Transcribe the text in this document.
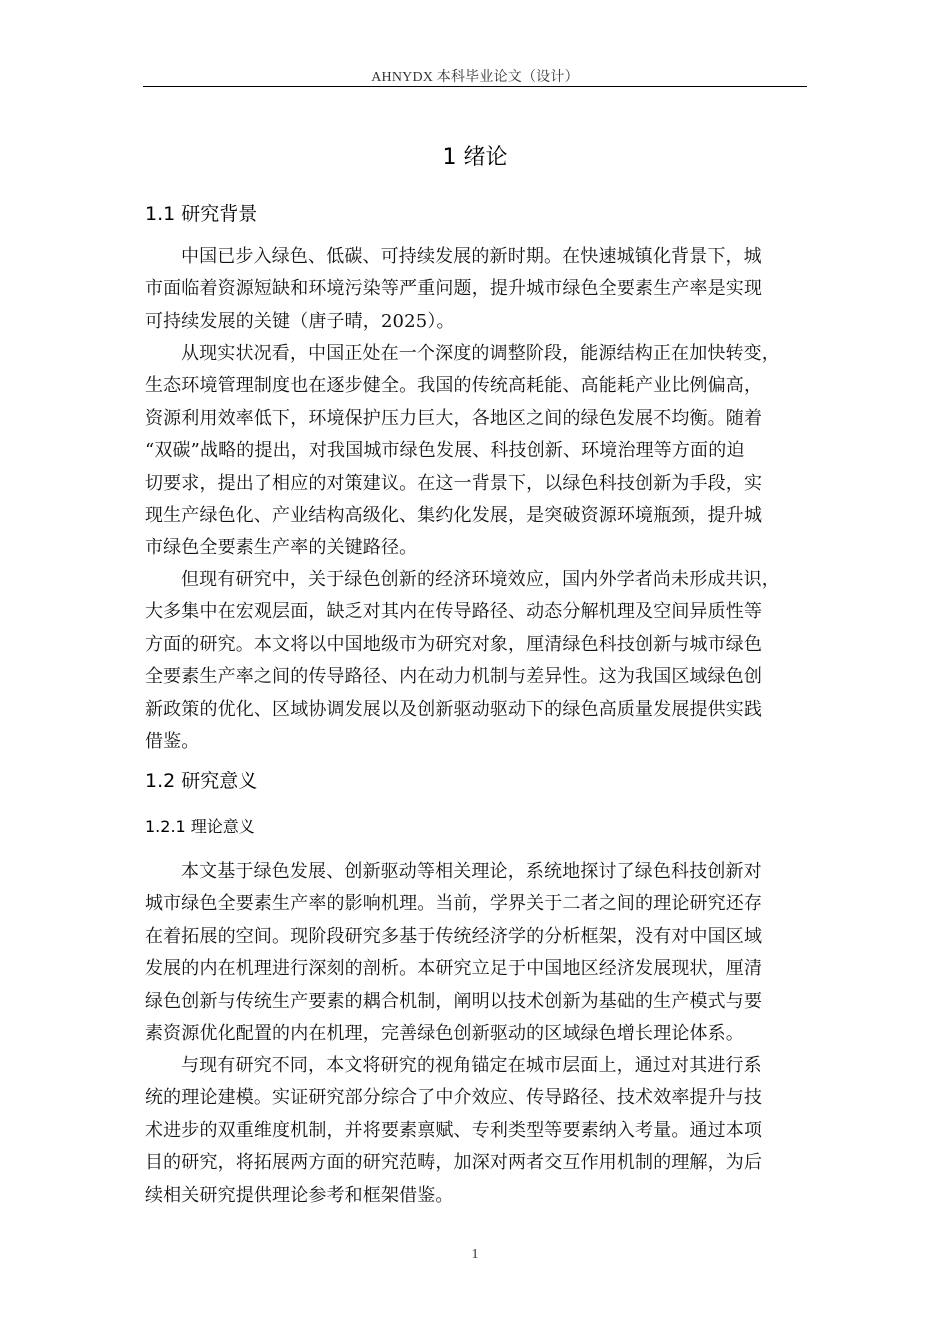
AHNYDX 本科毕业论文（设计）
1 绪论
1.1 研究背景
中国已步入绿色、低碳、可持续发展的新时期。在快速城镇化背景下，城
市面临着资源短缺和环境污染等严重问题，提升城市绿色全要素生产率是实现
可持续发展的关键（唐子晴，2025）。
从现实状况看，中国正处在一个深度的调整阶段，能源结构正在加快转变，
生态环境管理制度也在逐步健全。我国的传统高耗能、高能耗产业比例偏高，
资源利用效率低下，环境保护压力巨大，各地区之间的绿色发展不均衡。随着
“双碳”战略的提出，对我国城市绿色发展、科技创新、环境治理等方面的迫
切要求，提出了相应的对策建议。在这一背景下，以绿色科技创新为手段，实
现生产绿色化、产业结构高级化、集约化发展，是突破资源环境瓶颈，提升城
市绿色全要素生产率的关键路径。
但现有研究中，关于绿色创新的经济环境效应，国内外学者尚未形成共识，
大多集中在宏观层面，缺乏对其内在传导路径、动态分解机理及空间异质性等
方面的研究。本文将以中国地级市为研究对象，厘清绿色科技创新与城市绿色
全要素生产率之间的传导路径、内在动力机制与差异性。这为我国区域绿色创
新政策的优化、区域协调发展以及创新驱动驱动下的绿色高质量发展提供实践
借鉴。
1.2 研究意义
1.2.1 理论意义
本文基于绿色发展、创新驱动等相关理论，系统地探讨了绿色科技创新对
城市绿色全要素生产率的影响机理。当前，学界关于二者之间的理论研究还存
在着拓展的空间。现阶段研究多基于传统经济学的分析框架，没有对中国区域
发展的内在机理进行深刻的剖析。本研究立足于中国地区经济发展现状，厘清
绿色创新与传统生产要素的耦合机制，阐明以技术创新为基础的生产模式与要
素资源优化配置的内在机理，完善绿色创新驱动的区域绿色增长理论体系。
与现有研究不同，本文将研究的视角锚定在城市层面上，通过对其进行系
统的理论建模。实证研究部分综合了中介效应、传导路径、技术效率提升与技
术进步的双重维度机制，并将要素禀赋、专利类型等要素纳入考量。通过本项
目的研究，将拓展两方面的研究范畴，加深对两者交互作用机制的理解，为后
续相关研究提供理论参考和框架借鉴。
1
